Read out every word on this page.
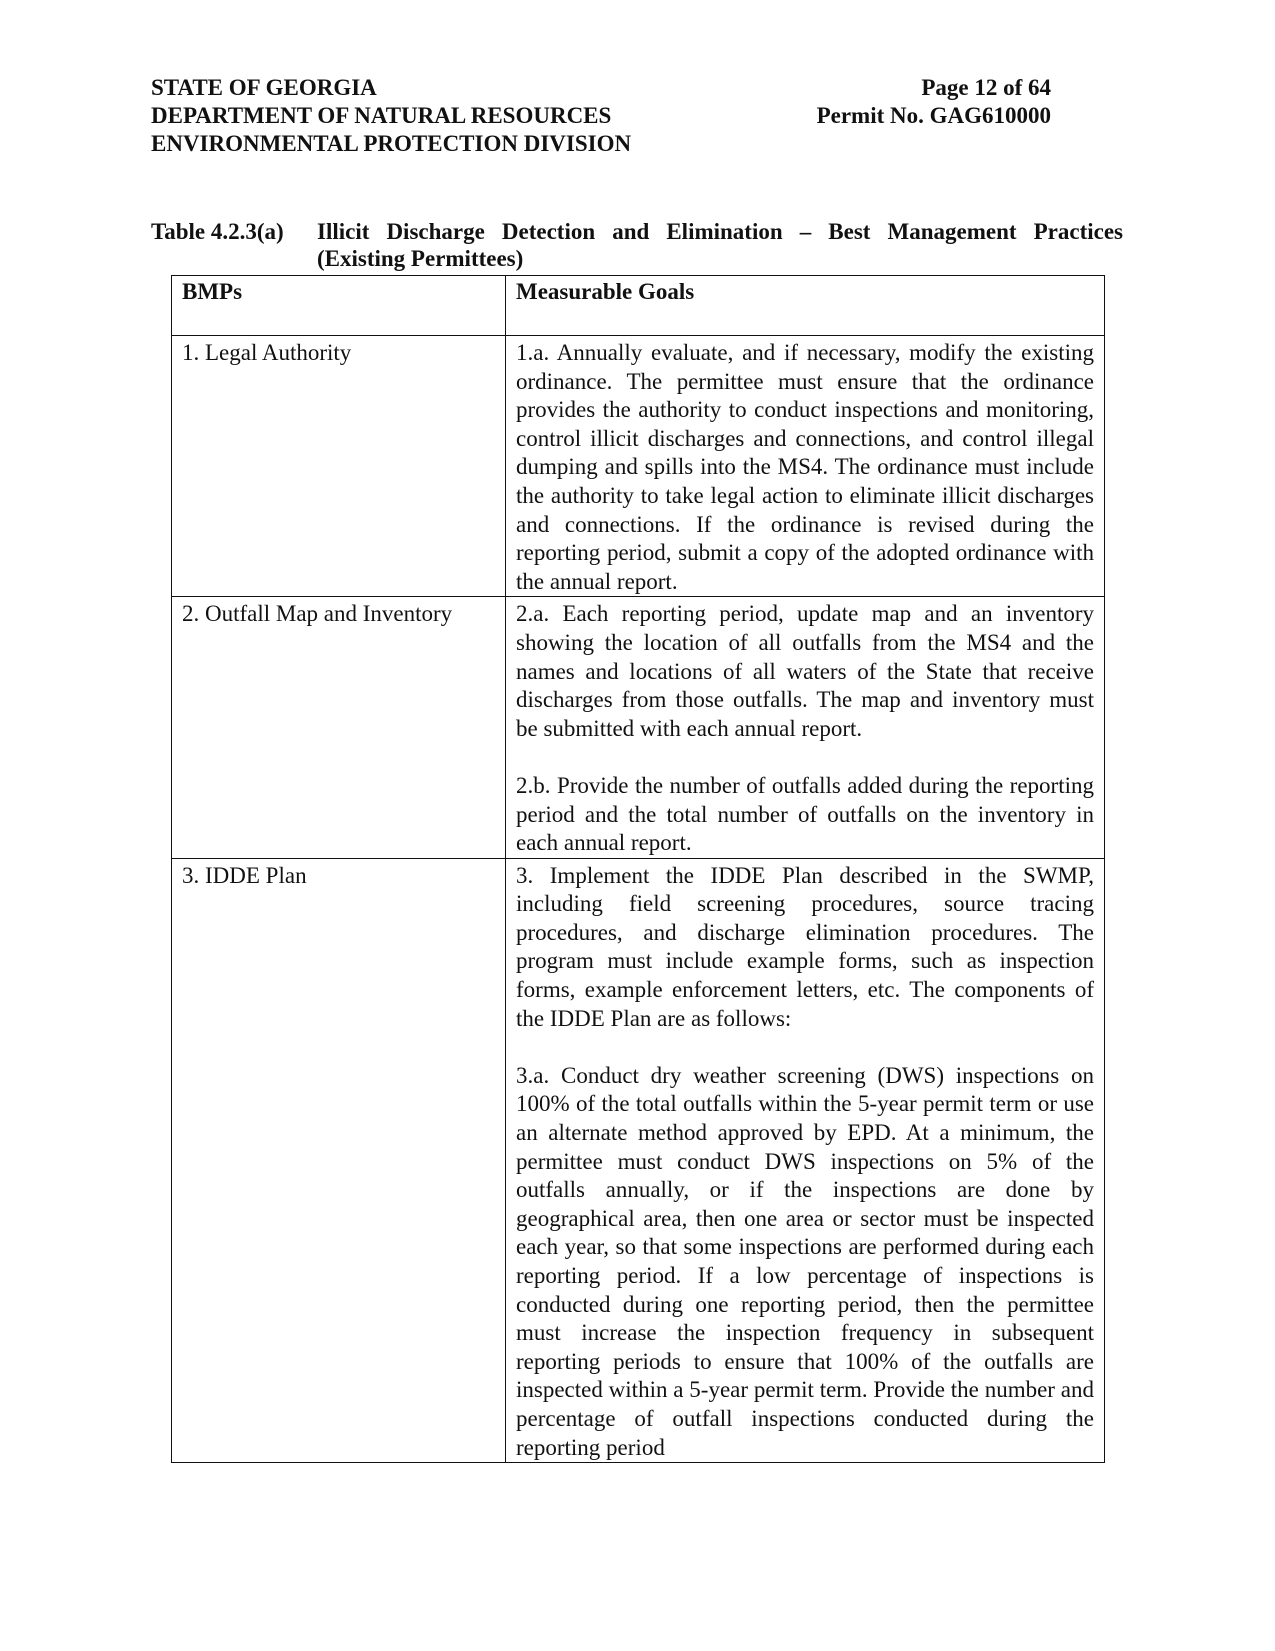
STATE OF GEORGIA
DEPARTMENT OF NATURAL RESOURCES
ENVIRONMENTAL PROTECTION DIVISION
Page 12 of 64
Permit No. GAG610000
Table 4.2.3(a) Illicit Discharge Detection and Elimination – Best Management Practices
(Existing Permittees)
BMPs	Measurable Goals
1. Legal Authority	1.a. Annually evaluate, and if necessary, modify the existing ordinance. The permittee must ensure that the ordinance provides the authority to conduct inspections and monitoring, control illicit discharges and connections, and control illegal dumping and spills into the MS4. The ordinance must include the authority to take legal action to eliminate illicit discharges and connections. If the ordinance is revised during the reporting period, submit a copy of the adopted ordinance with the annual report.

2. Outfall Map and Inventory	2.a. Each reporting period, update map and an inventory showing the location of all outfalls from the MS4 and the names and locations of all waters of the State that receive discharges from those outfalls. The map and inventory must be submitted with each annual report.

2.b. Provide the number of outfalls added during the reporting period and the total number of outfalls on the inventory in each annual report.

3. IDDE Plan	3. Implement the IDDE Plan described in the SWMP, including field screening procedures, source tracing procedures, and discharge elimination procedures. The program must include example forms, such as inspection forms, example enforcement letters, etc. The components of the IDDE Plan are as follows:

3.a. Conduct dry weather screening (DWS) inspections on 100% of the total outfalls within the 5-year permit term or use an alternate method approved by EPD. At a minimum, the permittee must conduct DWS inspections on 5% of the outfalls annually, or if the inspections are done by geographical area, then one area or sector must be inspected each year, so that some inspections are performed during each reporting period. If a low percentage of inspections is conducted during one reporting period, then the permittee must increase the inspection frequency in subsequent reporting periods to ensure that 100% of the outfalls are inspected within a 5-year permit term. Provide the number and percentage of outfall inspections conducted during the reporting period
